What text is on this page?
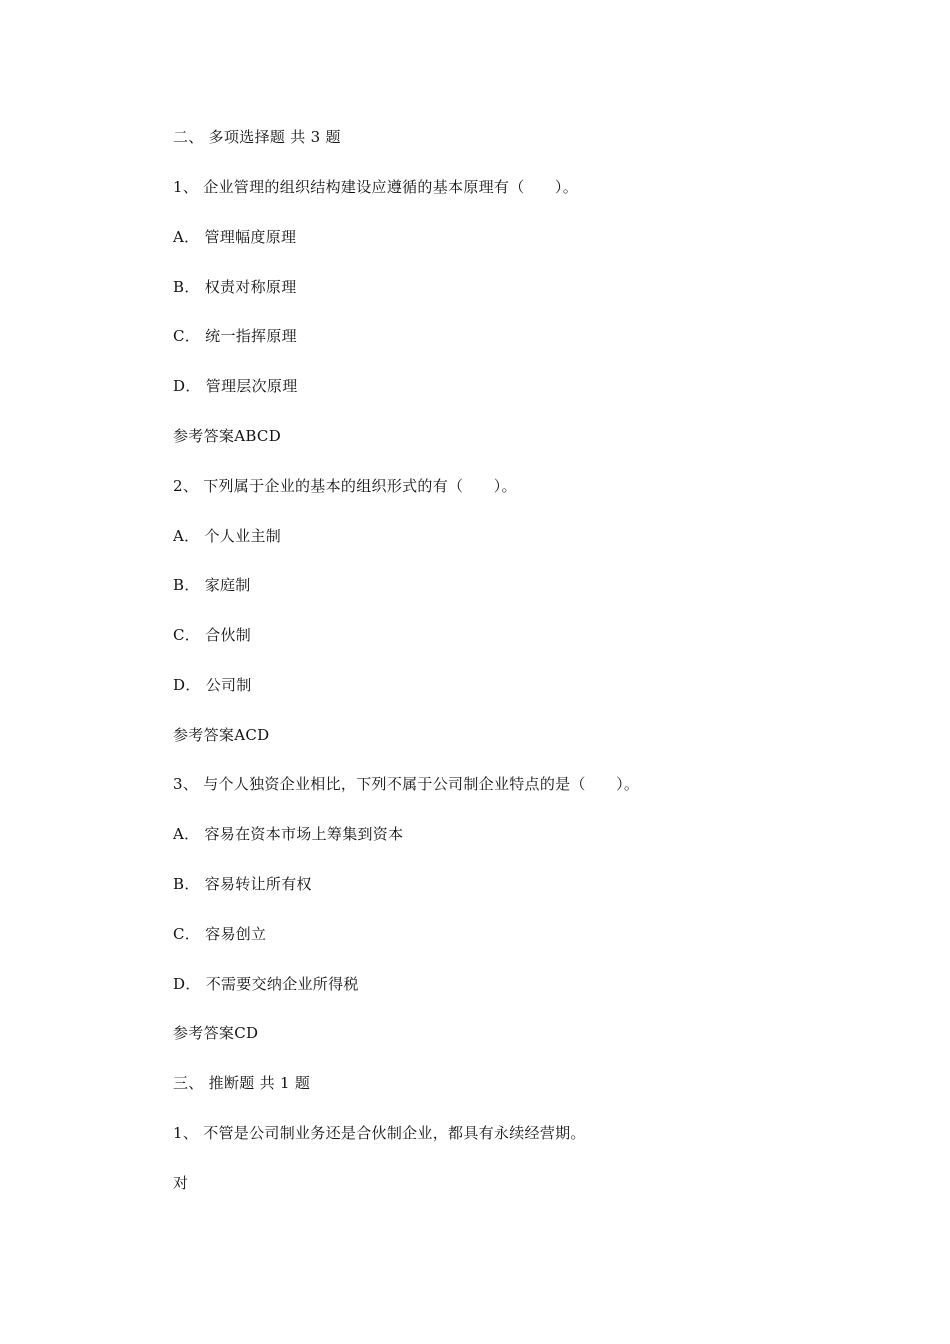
二、 多项选择题 共 3 题
1、 企业管理的组织结构建设应遵循的基本原理有（      ）。
A． 管理幅度原理
B． 权责对称原理
C． 统一指挥原理
D． 管理层次原理
参考答案ABCD
2、 下列属于企业的基本的组织形式的有（      ）。
A． 个人业主制
B． 家庭制
C． 合伙制
D． 公司制
参考答案ACD
3、 与个人独资企业相比，下列不属于公司制企业特点的是（      ）。
A． 容易在资本市场上筹集到资本
B． 容易转让所有权
C． 容易创立
D． 不需要交纳企业所得税
参考答案CD
三、 推断题 共 1 题
1、 不管是公司制业务还是合伙制企业，都具有永续经营期。
对
